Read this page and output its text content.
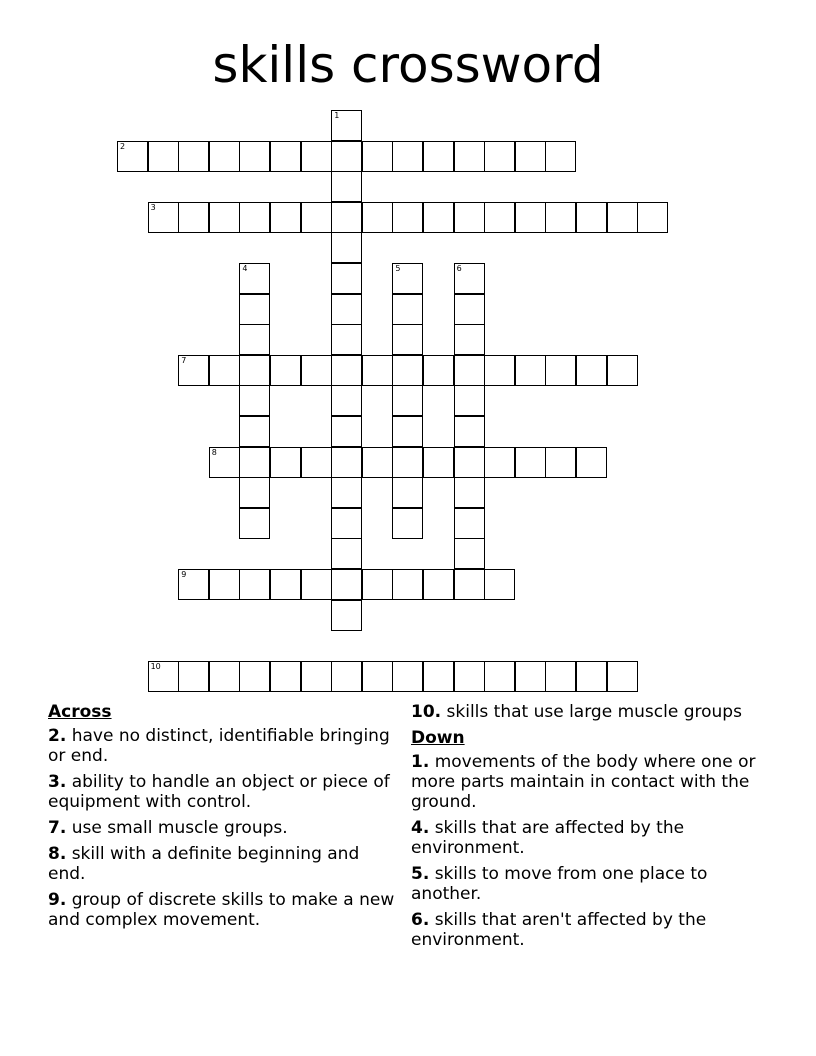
skills crossword
2
3
7
8
9
10
1
4	5	6
Across
2. have no distinct, identifiable bringing or end.
3. ability to handle an object or piece of equipment with control.
7. use small muscle groups.
8. skill with a definite beginning and end.
9. group of discrete skills to make a new and complex movement.
10. skills that use large muscle groups
Down
1. movements of the body where one or more parts maintain in contact with the ground.
4. skills that are affected by the environment.
5. skills to move from one place to another.
6. skills that aren't affected by the environment.
